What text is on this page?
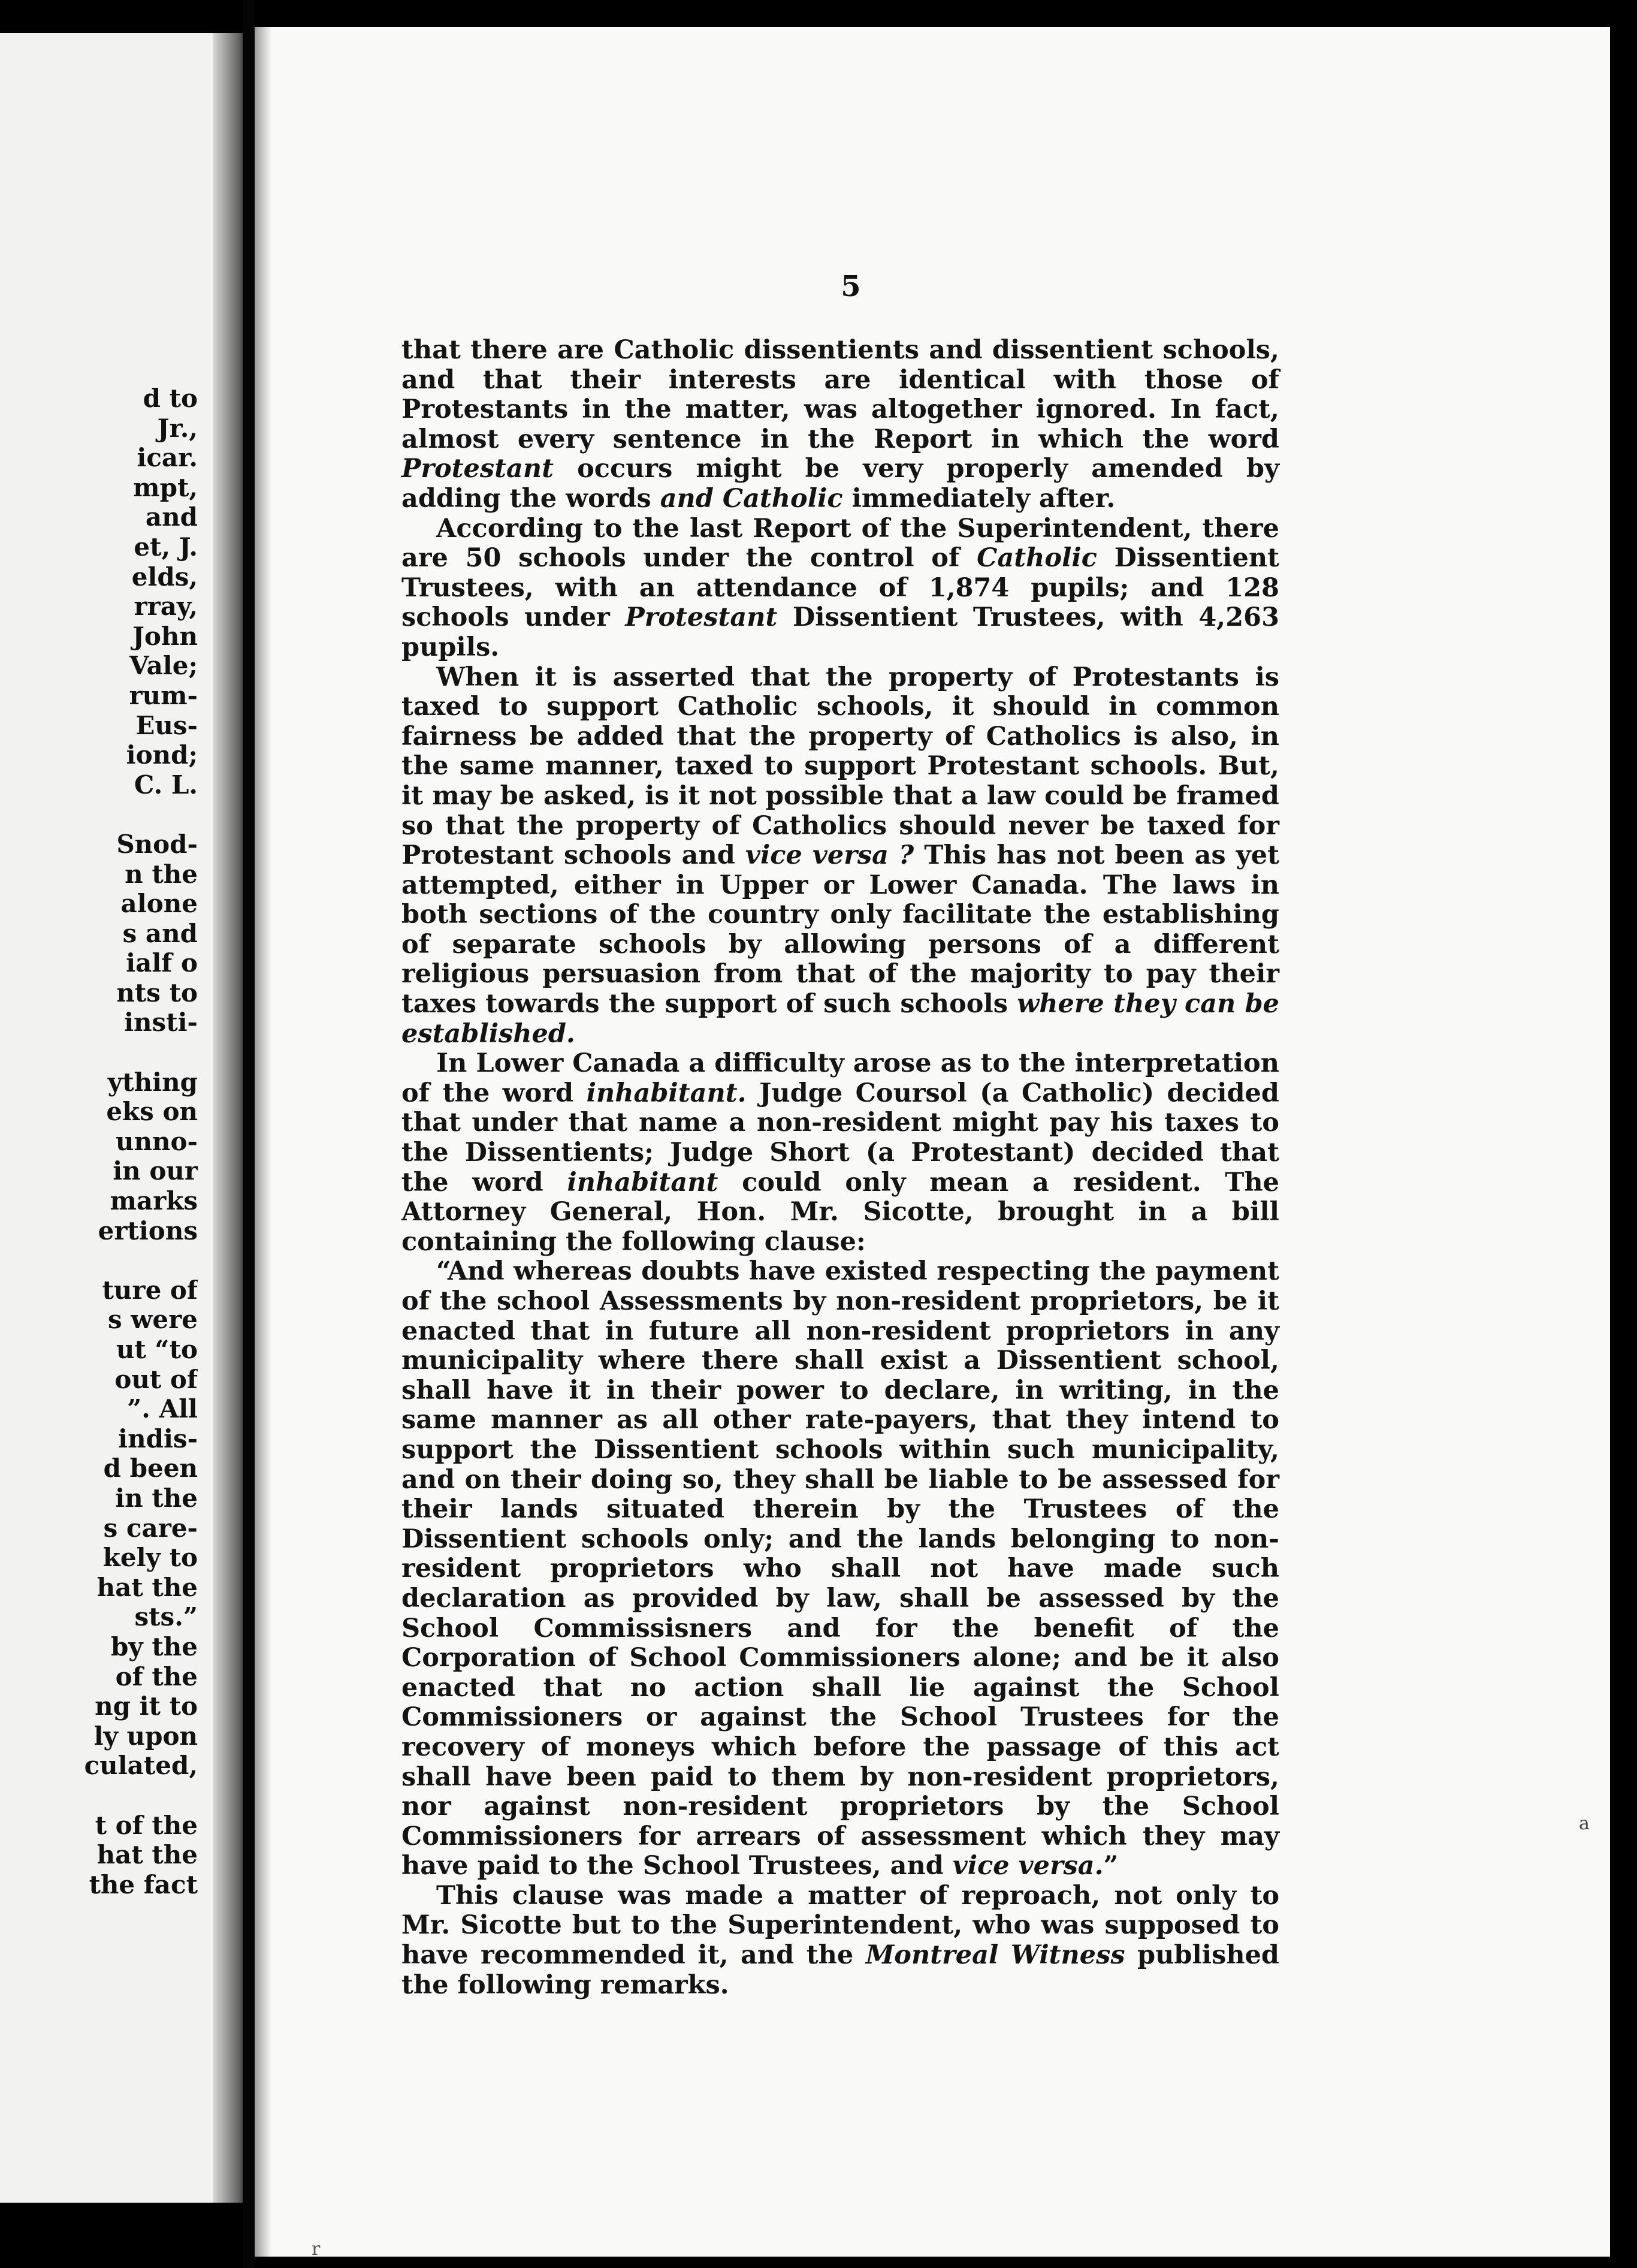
d to
Jr.,
icar.
mpt,
and
et, J.
elds,
rray,
John
Vale;
rum-
Eus-
iond;
C. L.
Snod-
n the
alone
s and
ialf o
nts to
insti-
ything
eks on
unno-
in our
marks
ertions
ture of
s were
ut “to
out of
”. All
indis-
d been
in the
s care-
kely to
hat the
sts.”
by the
of the
ng it to
ly upon
culated,
t of the
hat the
the fact
5

that there are Catholic dissentients and dissentient schools, and that their interests are identical with those of Protestants in the matter, was altogether ignored. In fact, almost every sentence in the Report in which the word Protestant occurs might be very properly amended by adding the words and Catholic immediately after.

According to the last Report of the Superintendent, there are 50 schools under the control of Catholic Dissentient Trustees, with an attendance of 1,874 pupils; and 128 schools under Protestant Dissentient Trustees, with 4,263 pupils.

When it is asserted that the property of Protestants is taxed to support Catholic schools, it should in common fairness be added that the property of Catholics is also, in the same manner, taxed to support Protestant schools. But, it may be asked, is it not possible that a law could be framed so that the property of Catholics should never be taxed for Protestant schools and vice versa ? This has not been as yet attempted, either in Upper or Lower Canada. The laws in both sections of the country only facilitate the establishing of separate schools by allowing persons of a different religious persuasion from that of the majority to pay their taxes towards the support of such schools where they can be established.

In Lower Canada a difficulty arose as to the interpretation of the word inhabitant. Judge Coursol (a Catholic) decided that under that name a non-resident might pay his taxes to the Dissentients; Judge Short (a Protestant) decided that the word inhabitant could only mean a resident. The Attorney General, Hon. Mr. Sicotte, brought in a bill containing the following clause:

“And whereas doubts have existed respecting the payment of the school Assessments by non-resident proprietors, be it enacted that in future all non-resident proprietors in any municipality where there shall exist a Dissentient school, shall have it in their power to declare, in writing, in the same manner as all other rate-payers, that they intend to support the Dissentient schools within such municipality, and on their doing so, they shall be liable to be assessed for their lands situated therein by the Trustees of the Dissentient schools only; and the lands belonging to non-resident proprietors who shall not have made such declaration as provided by law, shall be assessed by the School Commissisners and for the benefit of the Corporation of School Commissioners alone; and be it also enacted that no action shall lie against the School Commissioners or against the School Trustees for the recovery of moneys which before the passage of this act shall have been paid to them by non-resident proprietors, nor against non-resident proprietors by the School Commissioners for arrears of assessment which they may have paid to the School Trustees, and vice versa.”

This clause was made a matter of reproach, not only to Mr. Sicotte but to the Superintendent, who was supposed to have recommended it, and the Montreal Witness published the following remarks.

a
r
